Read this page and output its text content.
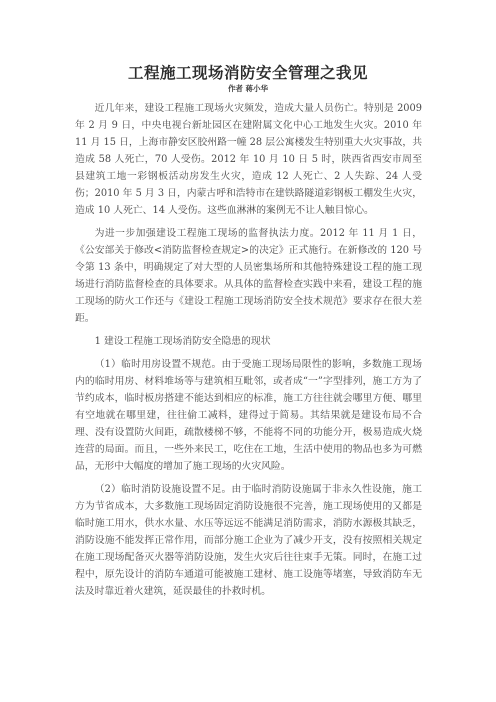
工程施工现场消防安全管理之我见
作者 蒋小华

近几年来，建设工程施工现场火灾频发，造成大量人员伤亡。特别是 2009 年 2 月 9 日，中央电视台新址园区在建附属文化中心工地发生火灾。2010 年 11 月 15 日，上海市静安区胶州路一幢 28 层公寓楼发生特别重大火灾事故，共造成 58 人死亡，70 人受伤。2012 年 10 月 10 日 5 时，陕西省西安市周至县建筑工地一彩钢板活动房发生火灾，造成 12 人死亡、2 人失踪、24 人受伤；2010 年 5 月 3 日，内蒙古呼和浩特市在建铁路隧道彩钢板工棚发生火灾，造成 10 人死亡、14 人受伤。这些血淋淋的案例无不让人触目惊心。

为进一步加强建设工程施工现场的监督执法力度。2012 年 11 月 1 日，《公安部关于修改<消防监督检查规定>的决定》正式施行。在新修改的 120 号令第 13 条中，明确规定了对大型的人员密集场所和其他特殊建设工程的施工现场进行消防监督检查的具体要求。从具体的监督检查实践中来看，建设工程的施工现场的防火工作还与《建设工程施工现场消防安全技术规范》要求存在很大差距。

1 建设工程施工现场消防安全隐患的现状

（1）临时用房设置不规范。由于受施工现场局限性的影响，多数施工现场内的临时用房、材料堆场等与建筑相互毗邻，或者成“一”字型排列，施工方为了节约成本，临时板房搭建不能达到相应的标准，施工方往往就会哪里方便、哪里有空地就在哪里建，往往偷工减料，建得过于简易。其结果就是建设布局不合理、没有设置防火间距，疏散楼梯不够，不能将不同的功能分开，极易造成火烧连营的局面。而且，一些外来民工，吃住在工地，生活中使用的物品也多为可燃品，无形中大幅度的增加了施工现场的火灾风险。

（2）临时消防设施设置不足。由于临时消防设施属于非永久性设施，施工方为节省成本，大多数施工现场固定消防设施很不完善，施工现场使用的又都是临时施工用水，供水水量、水压等远远不能满足消防需求，消防水源极其缺乏，消防设施不能发挥正常作用，而部分施工企业为了减少开支，没有按照相关规定在施工现场配备灭火器等消防设施，发生火灾后往往束手无策。同时，在施工过程中，原先设计的消防车通道可能被施工建材、施工设施等堵塞，导致消防车无法及时靠近着火建筑，延误最佳的扑救时机。
